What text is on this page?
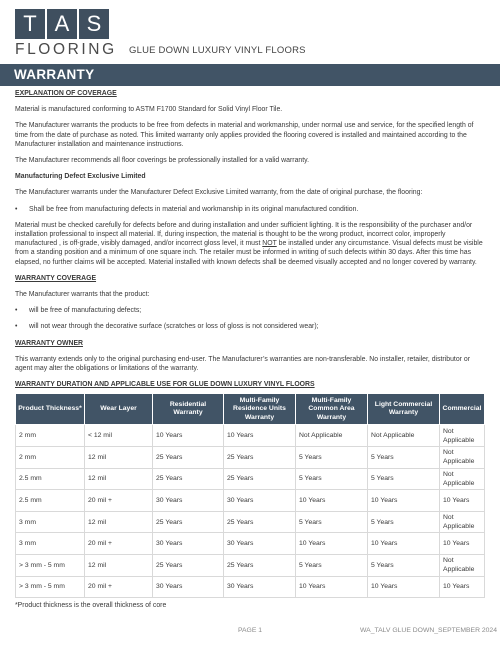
T A S
FLOORING GLUE DOWN LUXURY VINYL FLOORS
WARRANTY
EXPLANATION OF COVERAGE

Material is manufactured conforming to ASTM F1700 Standard for Solid Vinyl Floor Tile.

The Manufacturer warrants the products to be free from defects in material and workmanship, under normal use and service, for the specified length of time from the date of purchase as noted. This limited warranty only applies provided the flooring covered is installed and maintained according to the Manufacturer installation and maintenance instructions.

The Manufacturer recommends all floor coverings be professionally installed for a valid warranty.

Manufacturing Defect Exclusive Limited

The Manufacturer warrants under the Manufacturer Defect Exclusive Limited warranty, from the date of original purchase, the flooring:

•	Shall be free from manufacturing defects in material and workmanship in its original manufactured condition.

Material must be checked carefully for defects before and during installation and under sufficient lighting. It is the responsibility of the purchaser and/or installation professional to inspect all material. If, during inspection, the material is thought to be the wrong product, incorrect color, improperly manufactured , is off-grade, visibly damaged, and/or incorrect gloss level, it must NOT be installed under any circumstance. Visual defects must be visible from a standing position and a minimum of one square inch. The retailer must be informed in writing of such defects within 30 days. After this time has elapsed, no further claims will be accepted. Material installed with known defects shall be deemed visually accepted and no longer covered by warranty.

WARRANTY COVERAGE

The Manufacturer warrants that the product:

•	will be free of manufacturing defects;
•	will not wear through the decorative surface (scratches or loss of gloss is not considered wear);
WARRANTY OWNER

This warranty extends only to the original purchasing end-user. The Manufacturer’s warranties are non-transferable. No installer, retailer, distributor or agent may alter the obligations or limitations of the warranty.

WARRANTY DURATION AND APPLICABLE USE FOR GLUE DOWN LUXURY VINYL FLOORS
Product Thickness*	Wear Layer	Residential Warranty	Multi-Family Residence Units Warranty	Multi-Family Common Area Warranty	Light Commercial Warranty	Commercial
2 mm	< 12 mil	10 Years	10 Years	Not Applicable	Not Applicable	Not Applicable
2 mm	12 mil	25 Years	25 Years	5 Years	5 Years	Not Applicable
2.5 mm	12 mil	25 Years	25 Years	5 Years	5 Years	Not Applicable
2.5 mm	20 mil +	30 Years	30 Years	10 Years	10 Years	10 Years
3 mm	12 mil	25 Years	25 Years	5 Years	5 Years	Not Applicable
3 mm	20 mil +	30 Years	30 Years	10 Years	10 Years	10 Years
> 3 mm - 5 mm	12 mil	25 Years	25 Years	5 Years	5 Years	Not Applicable
> 3 mm - 5 mm	20 mil +	30 Years	30 Years	10 Years	10 Years	10 Years
*Product thickness is the overall thickness of core
PAGE 1	WA_TALV GLUE DOWN_SEPTEMBER 2024
